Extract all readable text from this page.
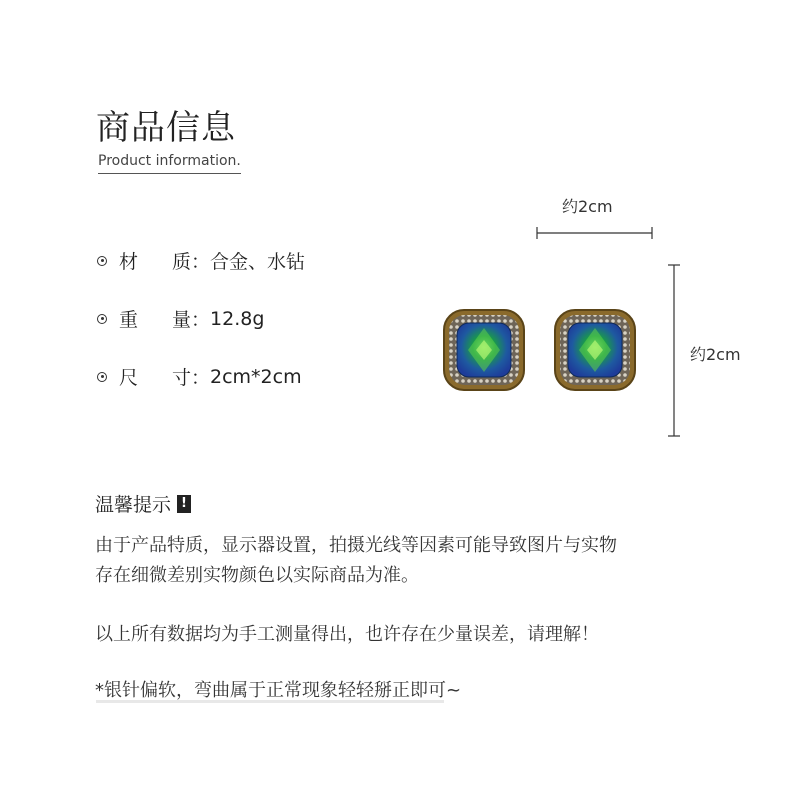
商品信息
Product information.
材	质： 合金、水钻
重	量： 12.8g
尺	寸： 2cm*2cm
约2cm
约2cm
温馨提示 !
由于产品特质，显示器设置，拍摄光线等因素可能导致图片与实物
存在细微差别实物颜色以实际商品为准。
以上所有数据均为手工测量得出，也许存在少量误差，请理解！
*银针偏软，弯曲属于正常现象轻轻掰正即可~
